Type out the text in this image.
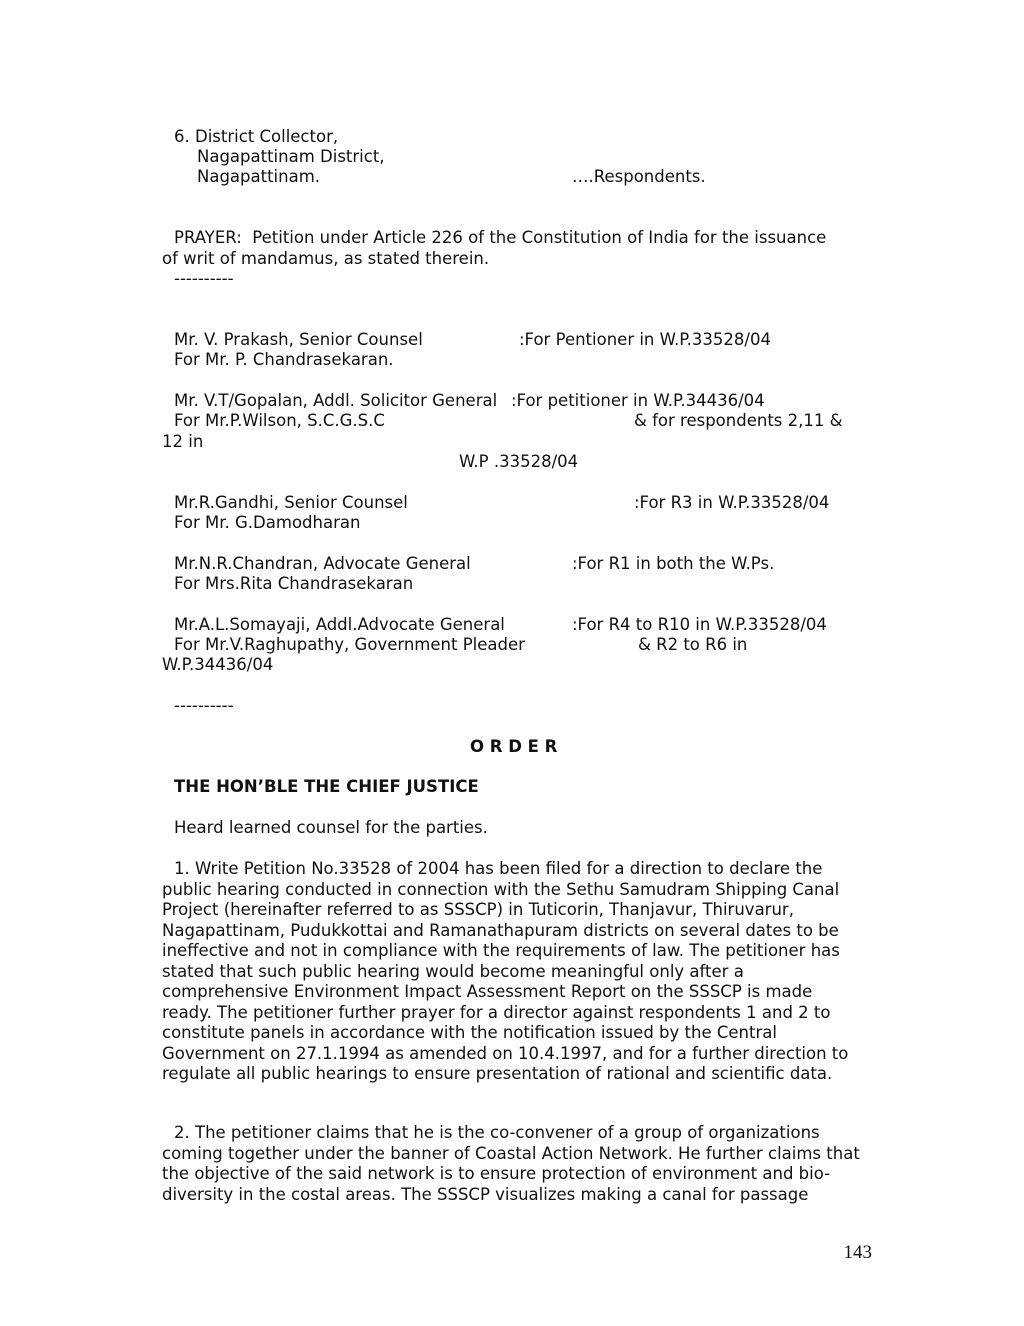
6. District Collector,
Nagapattinam District,
Nagapattinam.	….Respondents.
PRAYER:  Petition under Article 226 of the Constitution of India for the issuance
of writ of mandamus, as stated therein.
----------
Mr. V. Prakash, Senior Counsel	:For Pentioner in W.P.33528/04
For Mr. P. Chandrasekaran.
Mr. V.T/Gopalan, Addl. Solicitor General :For petitioner in W.P.34436/04
For Mr.P.Wilson, S.C.G.S.C	& for respondents 2,11 &
12 in
W.P .33528/04
Mr.R.Gandhi, Senior Counsel	:For R3 in W.P.33528/04
For Mr. G.Damodharan
Mr.N.R.Chandran, Advocate General	:For R1 in both the W.Ps.
For Mrs.Rita Chandrasekaran
Mr.A.L.Somayaji, Addl.Advocate General	:For R4 to R10 in W.P.33528/04
For Mr.V.Raghupathy, Government Pleader	& R2 to R6 in
W.P.34436/04
----------
O R D E R
THE HON’BLE THE CHIEF JUSTICE
Heard learned counsel for the parties.
1. Write Petition No.33528 of 2004 has been filed for a direction to declare the public hearing conducted in connection with the Sethu Samudram Shipping Canal Project (hereinafter referred to as SSSCP) in Tuticorin, Thanjavur, Thiruvarur, Nagapattinam, Pudukkottai and Ramanathapuram districts on several dates to be ineffective and not in compliance with the requirements of law. The petitioner has stated that such public hearing would become meaningful only after a comprehensive Environment Impact Assessment Report on the SSSCP is made ready. The petitioner further prayer for a director against respondents 1 and 2 to constitute panels in accordance with the notification issued by the Central Government on 27.1.1994 as amended on 10.4.1997, and for a further direction to regulate all public hearings to ensure presentation of rational and scientific data.
2. The petitioner claims that he is the co-convener of a group of organizations coming together under the banner of Coastal Action Network. He further claims that the objective of the said network is to ensure protection of environment and bio-diversity in the costal areas. The SSSCP visualizes making a canal for passage
143
